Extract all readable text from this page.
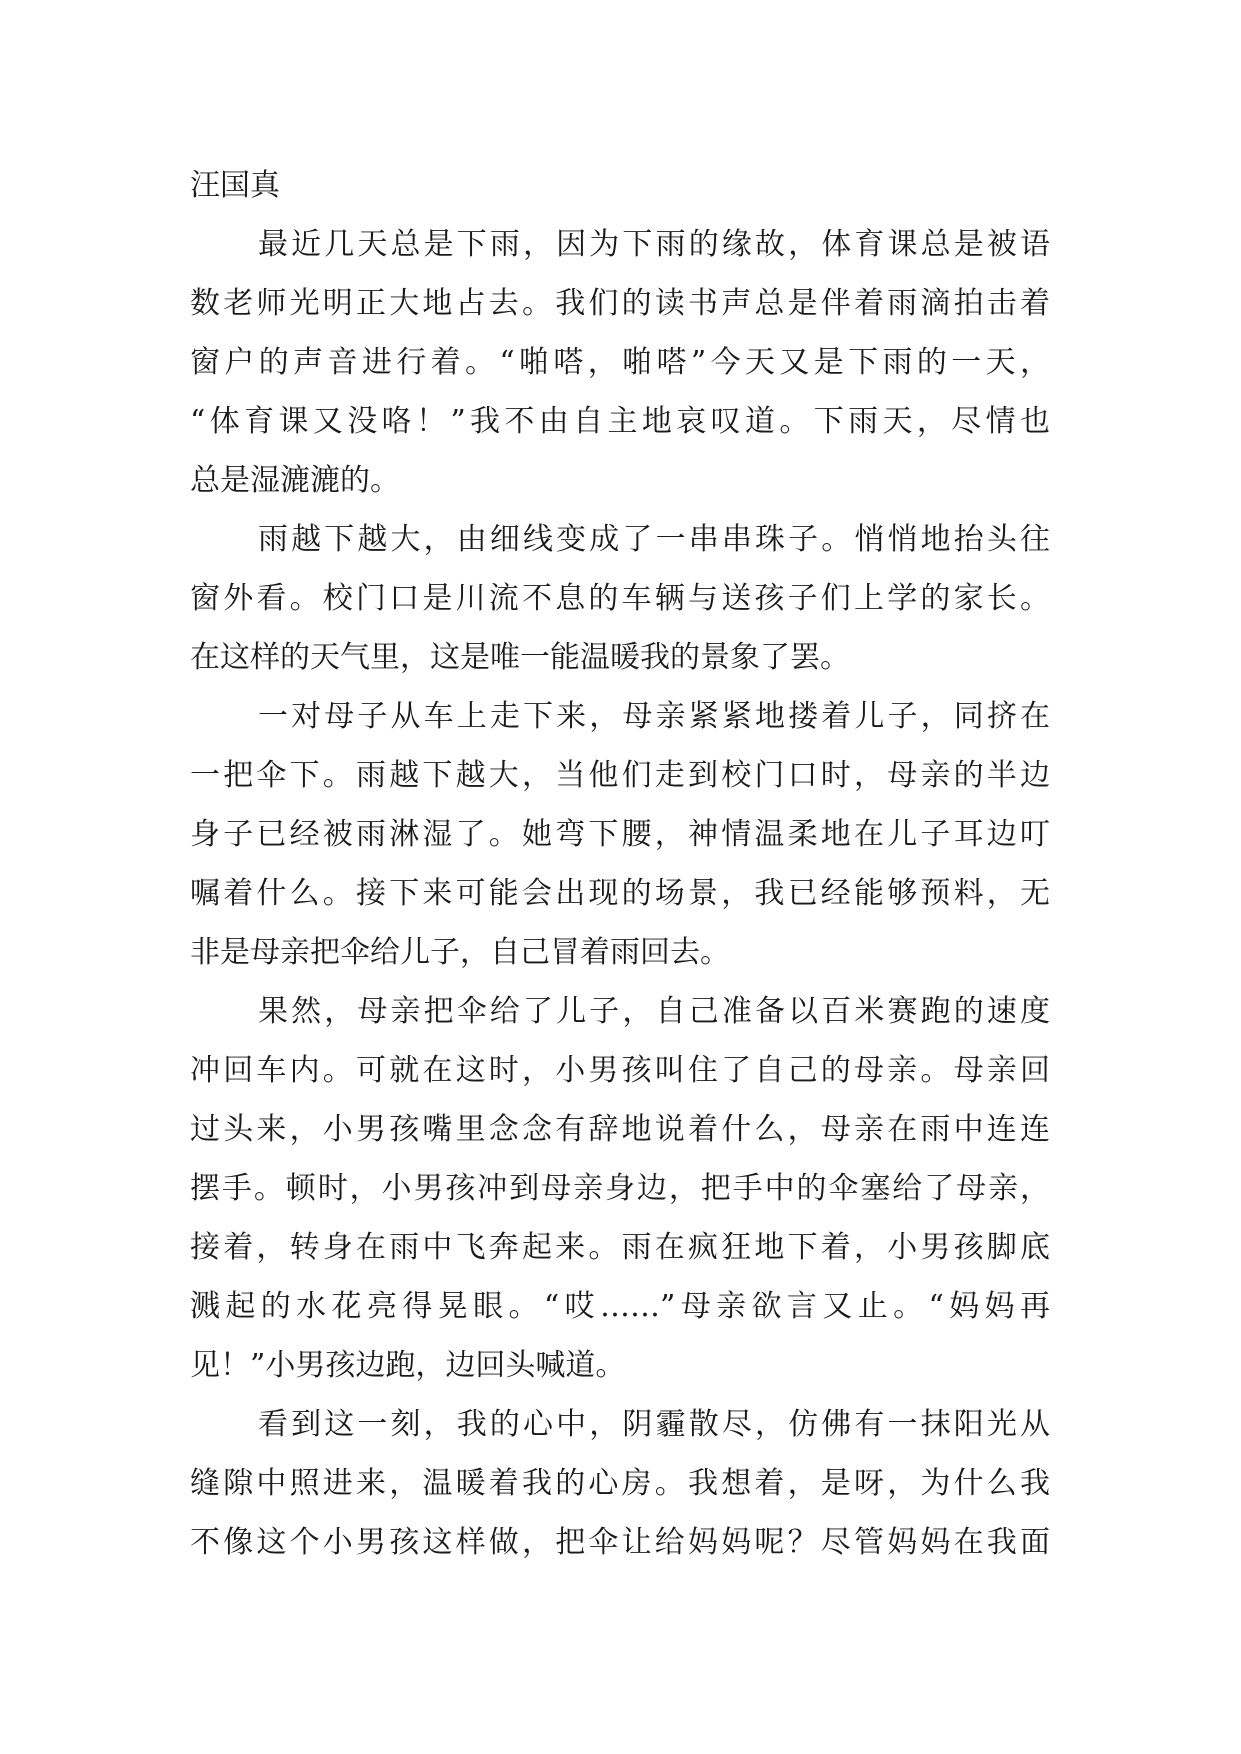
汪国真
最近几天总是下雨，因为下雨的缘故，体育课总是被语
数老师光明正大地占去。我们的读书声总是伴着雨滴拍击着
窗户的声音进行着。“啪嗒，啪嗒”今天又是下雨的一天，
“体育课又没咯！”我不由自主地哀叹道。下雨天，尽情也
总是湿漉漉的。
雨越下越大，由细线变成了一串串珠子。悄悄地抬头往
窗外看。校门口是川流不息的车辆与送孩子们上学的家长。
在这样的天气里，这是唯一能温暖我的景象了罢。
一对母子从车上走下来，母亲紧紧地搂着儿子，同挤在
一把伞下。雨越下越大，当他们走到校门口时，母亲的半边
身子已经被雨淋湿了。她弯下腰，神情温柔地在儿子耳边叮
嘱着什么。接下来可能会出现的场景，我已经能够预料，无
非是母亲把伞给儿子，自己冒着雨回去。
果然，母亲把伞给了儿子，自己准备以百米赛跑的速度
冲回车内。可就在这时，小男孩叫住了自己的母亲。母亲回
过头来，小男孩嘴里念念有辞地说着什么，母亲在雨中连连
摆手。顿时，小男孩冲到母亲身边，把手中的伞塞给了母亲，
接着，转身在雨中飞奔起来。雨在疯狂地下着，小男孩脚底
溅起的水花亮得晃眼。“哎……”母亲欲言又止。“妈妈再
见！”小男孩边跑，边回头喊道。
看到这一刻，我的心中，阴霾散尽，仿佛有一抹阳光从
缝隙中照进来，温暖着我的心房。我想着，是呀，为什么我
不像这个小男孩这样做，把伞让给妈妈呢？尽管妈妈在我面
